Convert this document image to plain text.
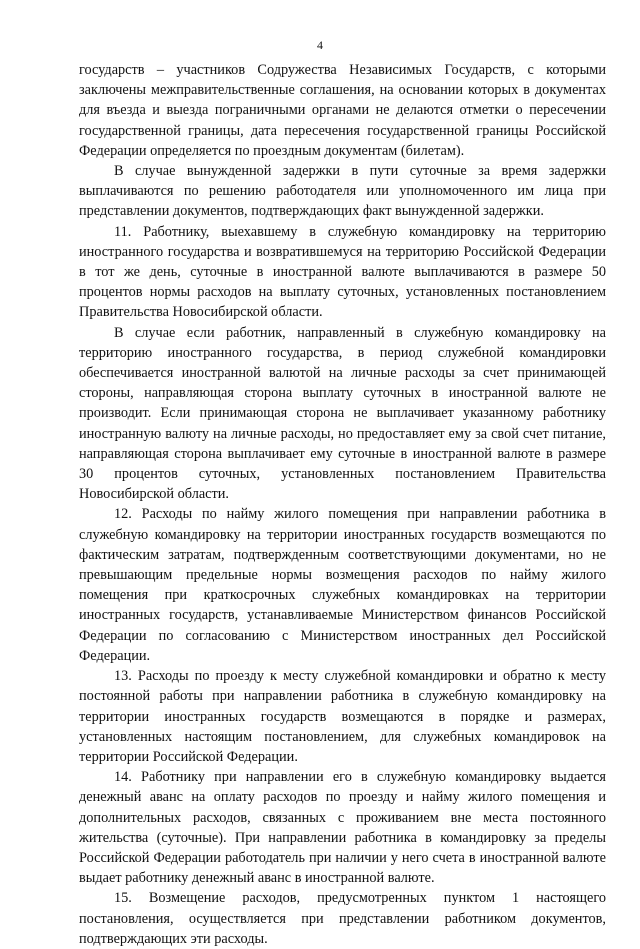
4

государств – участников Содружества Независимых Государств, с которыми заключены межправительственные соглашения, на основании которых в документах для въезда и выезда пограничными органами не делаются отметки о пересечении государственной границы, дата пересечения государственной границы Российской Федерации определяется по проездным документам (билетам).

В случае вынужденной задержки в пути суточные за время задержки выплачиваются по решению работодателя или уполномоченного им лица при представлении документов, подтверждающих факт вынужденной задержки.

11. Работнику, выехавшему в служебную командировку на территорию иностранного государства и возвратившемуся на территорию Российской Федерации в тот же день, суточные в иностранной валюте выплачиваются в размере 50 процентов нормы расходов на выплату суточных, установленных постановлением Правительства Новосибирской области.

В случае если работник, направленный в служебную командировку на территорию иностранного государства, в период служебной командировки обеспечивается иностранной валютой на личные расходы за счет принимающей стороны, направляющая сторона выплату суточных в иностранной валюте не производит. Если принимающая сторона не выплачивает указанному работнику иностранную валюту на личные расходы, но предоставляет ему за свой счет питание, направляющая сторона выплачивает ему суточные в иностранной валюте в размере 30 процентов суточных, установленных постановлением Правительства Новосибирской области.

12. Расходы по найму жилого помещения при направлении работника в служебную командировку на территории иностранных государств возмещаются по фактическим затратам, подтвержденным соответствующими документами, но не превышающим предельные нормы возмещения расходов по найму жилого помещения при краткосрочных служебных командировках на территории иностранных государств, устанавливаемые Министерством финансов Российской Федерации по согласованию с Министерством иностранных дел Российской Федерации.

13. Расходы по проезду к месту служебной командировки и обратно к месту постоянной работы при направлении работника в служебную командировку на территории иностранных государств возмещаются в порядке и размерах, установленных настоящим постановлением, для служебных командировок на территории Российской Федерации.

14. Работнику при направлении его в служебную командировку выдается денежный аванс на оплату расходов по проезду и найму жилого помещения и дополнительных расходов, связанных с проживанием вне места постоянного жительства (суточные). При направлении работника в командировку за пределы Российской Федерации работодатель при наличии у него счета в иностранной валюте выдает работнику денежный аванс в иностранной валюте.

15. Возмещение расходов, предусмотренных пунктом 1 настоящего постановления, осуществляется при представлении работником документов, подтверждающих эти расходы.
